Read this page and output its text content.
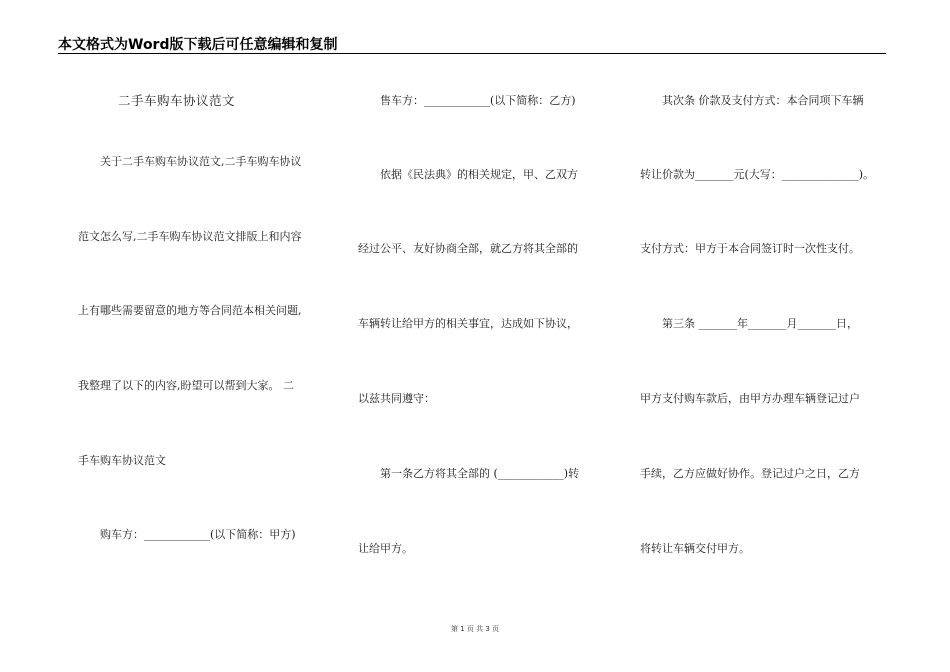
本文格式为Word版下载后可任意编辑和复制
二手车购车协议范文
关于二手车购车协议范文,二手车购车协议
范文怎么写,二手车购车协议范文排版上和内容
上有哪些需要留意的地方等合同范本相关问题,
我整理了以下的内容,盼望可以帮到大家。 二
手车购车协议范文
购车方：____________(以下简称：甲方)
售车方：____________(以下简称：乙方)
依据《民法典》的相关规定，甲、乙双方
经过公平、友好协商全部，就乙方将其全部的
车辆转让给甲方的相关事宜，达成如下协议，
以兹共同遵守：
第一条乙方将其全部的 (____________)转
让给甲方。
其次条 价款及支付方式：本合同项下车辆
转让价款为_______元(大写：______________)。
支付方式：甲方于本合同签订时一次性支付。
第三条 _______年_______月_______日，
甲方支付购车款后，由甲方办理车辆登记过户
手续，乙方应做好协作。登记过户之日，乙方
将转让车辆交付甲方。
第 1 页 共 3 页
